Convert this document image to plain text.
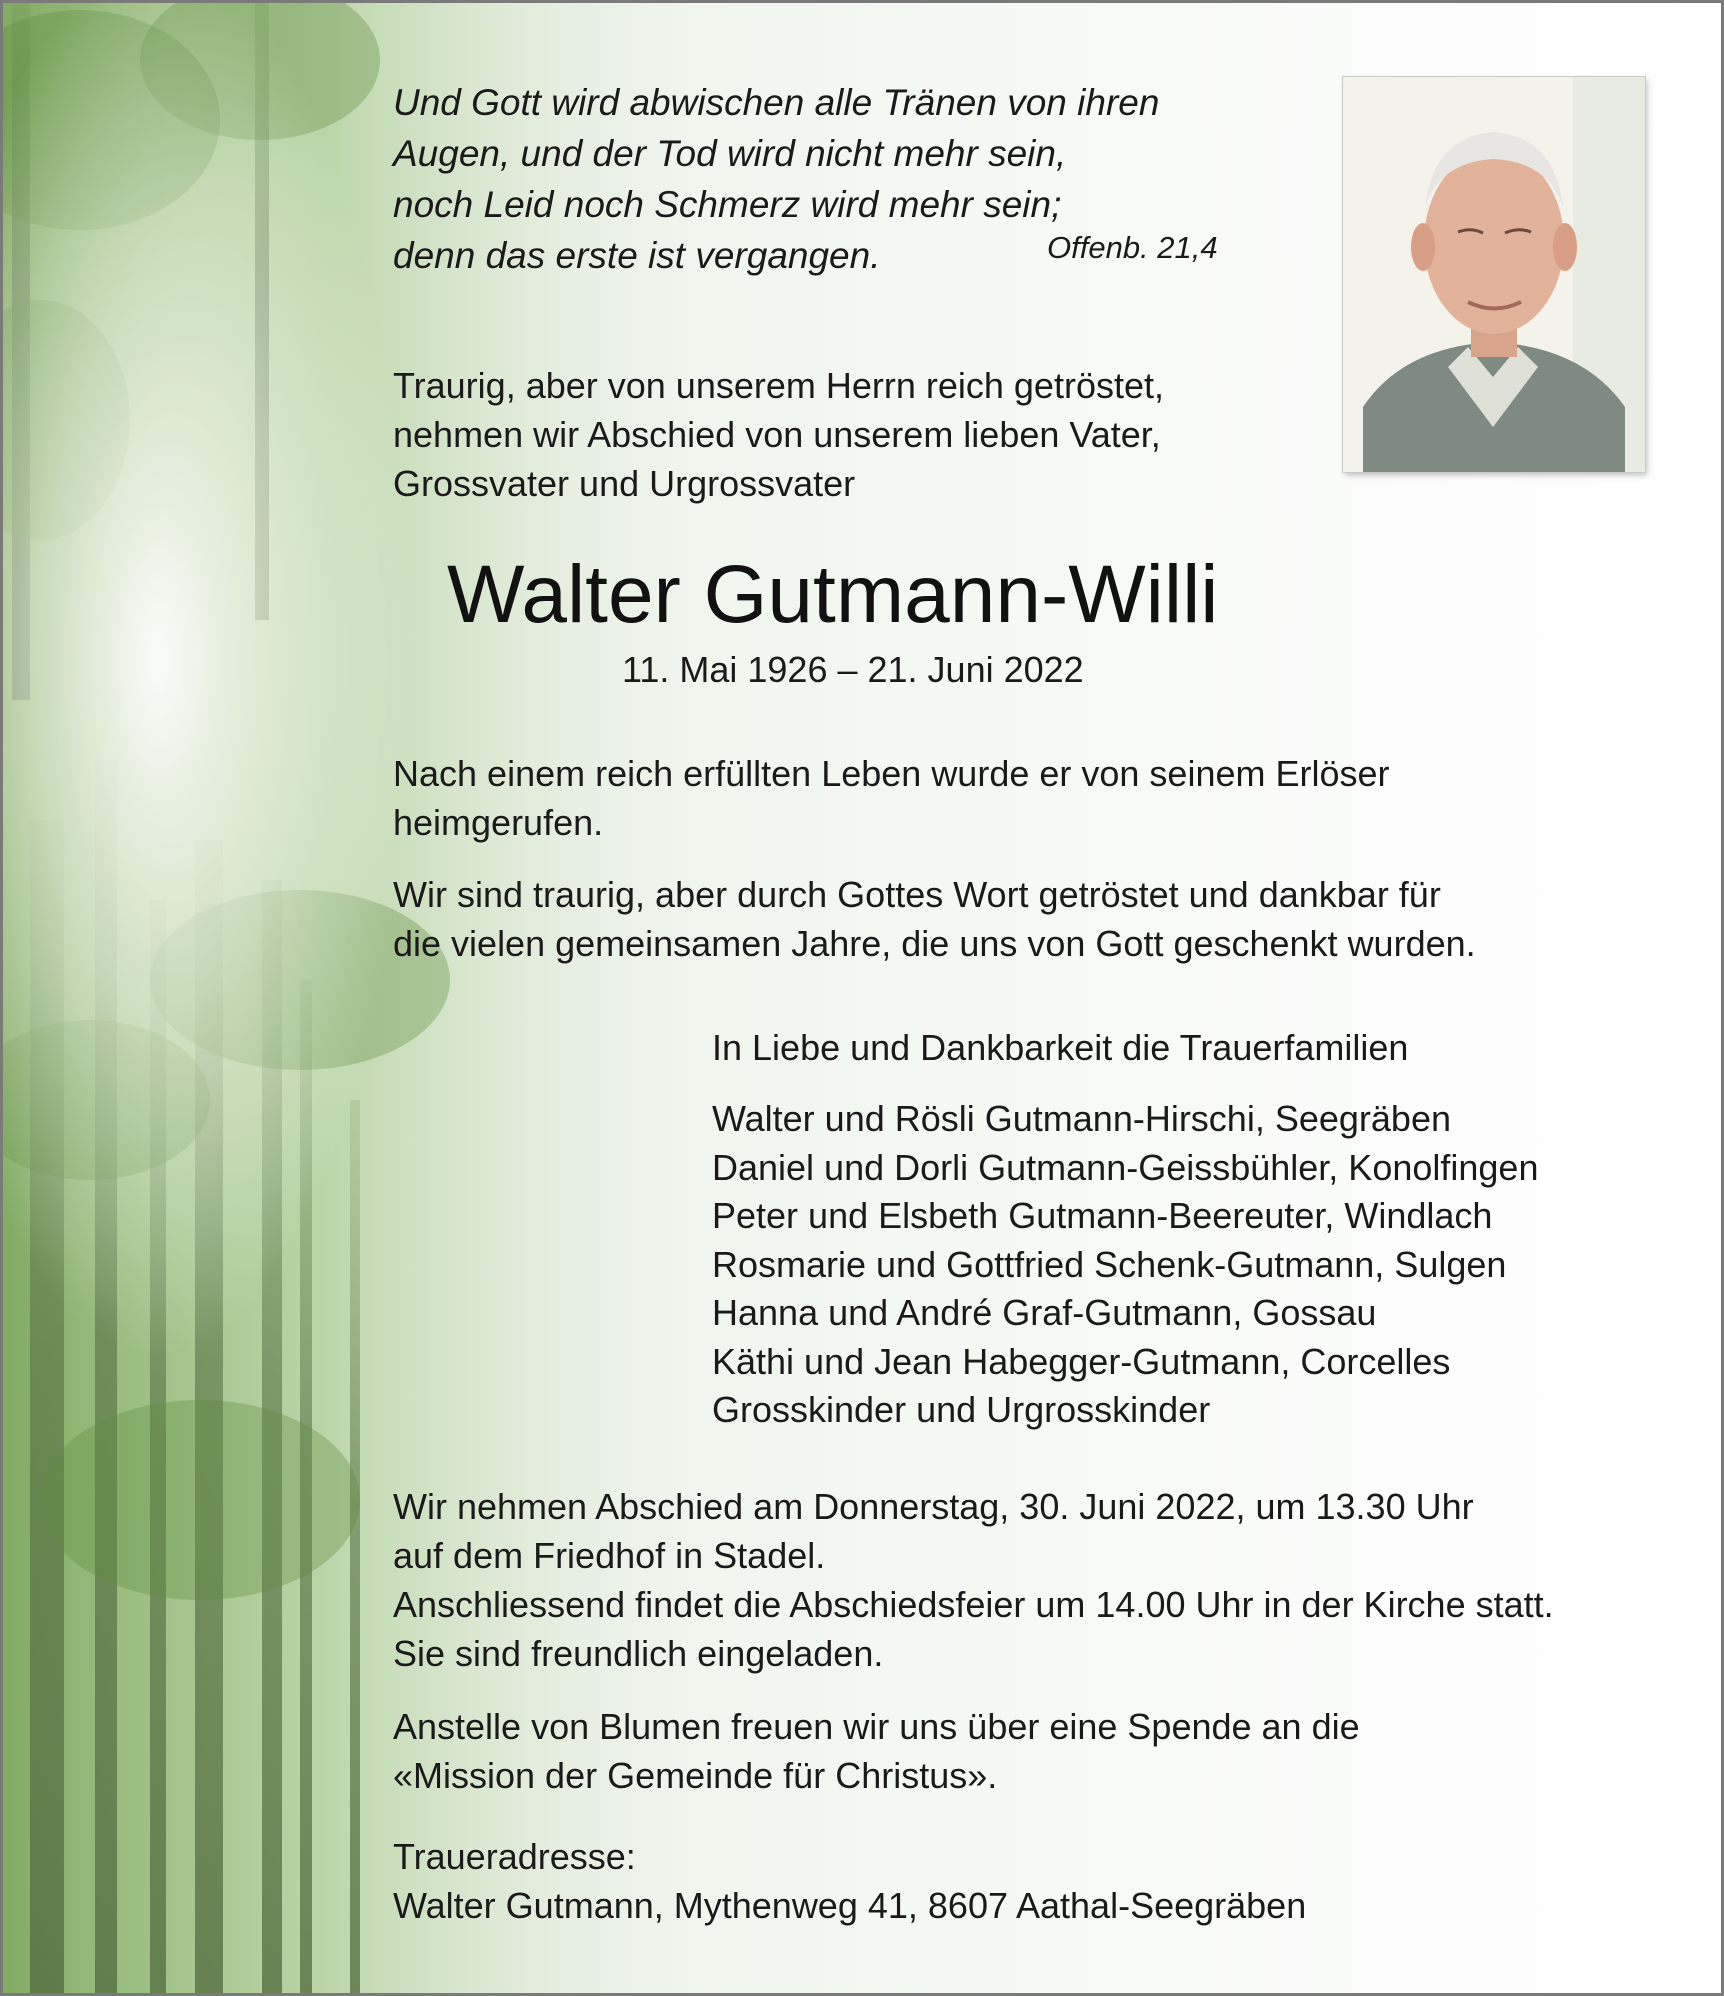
Und Gott wird abwischen alle Tränen von ihren
Augen, und der Tod wird nicht mehr sein,
noch Leid noch Schmerz wird mehr sein;
denn das erste ist vergangen.	Offenb. 21,4
Traurig, aber von unserem Herrn reich getröstet,
nehmen wir Abschied von unserem lieben Vater,
Grossvater und Urgrossvater
Walter Gutmann-Willi
11. Mai 1926 – 21. Juni 2022
Nach einem reich erfüllten Leben wurde er von seinem Erlöser
heimgerufen.
Wir sind traurig, aber durch Gottes Wort getröstet und dankbar für
die vielen gemeinsamen Jahre, die uns von Gott geschenkt wurden.
In Liebe und Dankbarkeit die Trauerfamilien
Walter und Rösli Gutmann-Hirschi, Seegräben
Daniel und Dorli Gutmann-Geissbühler, Konolfingen
Peter und Elsbeth Gutmann-Beereuter, Windlach
Rosmarie und Gottfried Schenk-Gutmann, Sulgen
Hanna und André Graf-Gutmann, Gossau
Käthi und Jean Habegger-Gutmann, Corcelles
Grosskinder und Urgrosskinder
Wir nehmen Abschied am Donnerstag, 30. Juni 2022, um 13.30 Uhr
auf dem Friedhof in Stadel.
Anschliessend findet die Abschiedsfeier um 14.00 Uhr in der Kirche statt.
Sie sind freundlich eingeladen.
Anstelle von Blumen freuen wir uns über eine Spende an die
«Mission der Gemeinde für Christus».
Traueradresse:
Walter Gutmann, Mythenweg 41, 8607 Aathal-Seegräben
